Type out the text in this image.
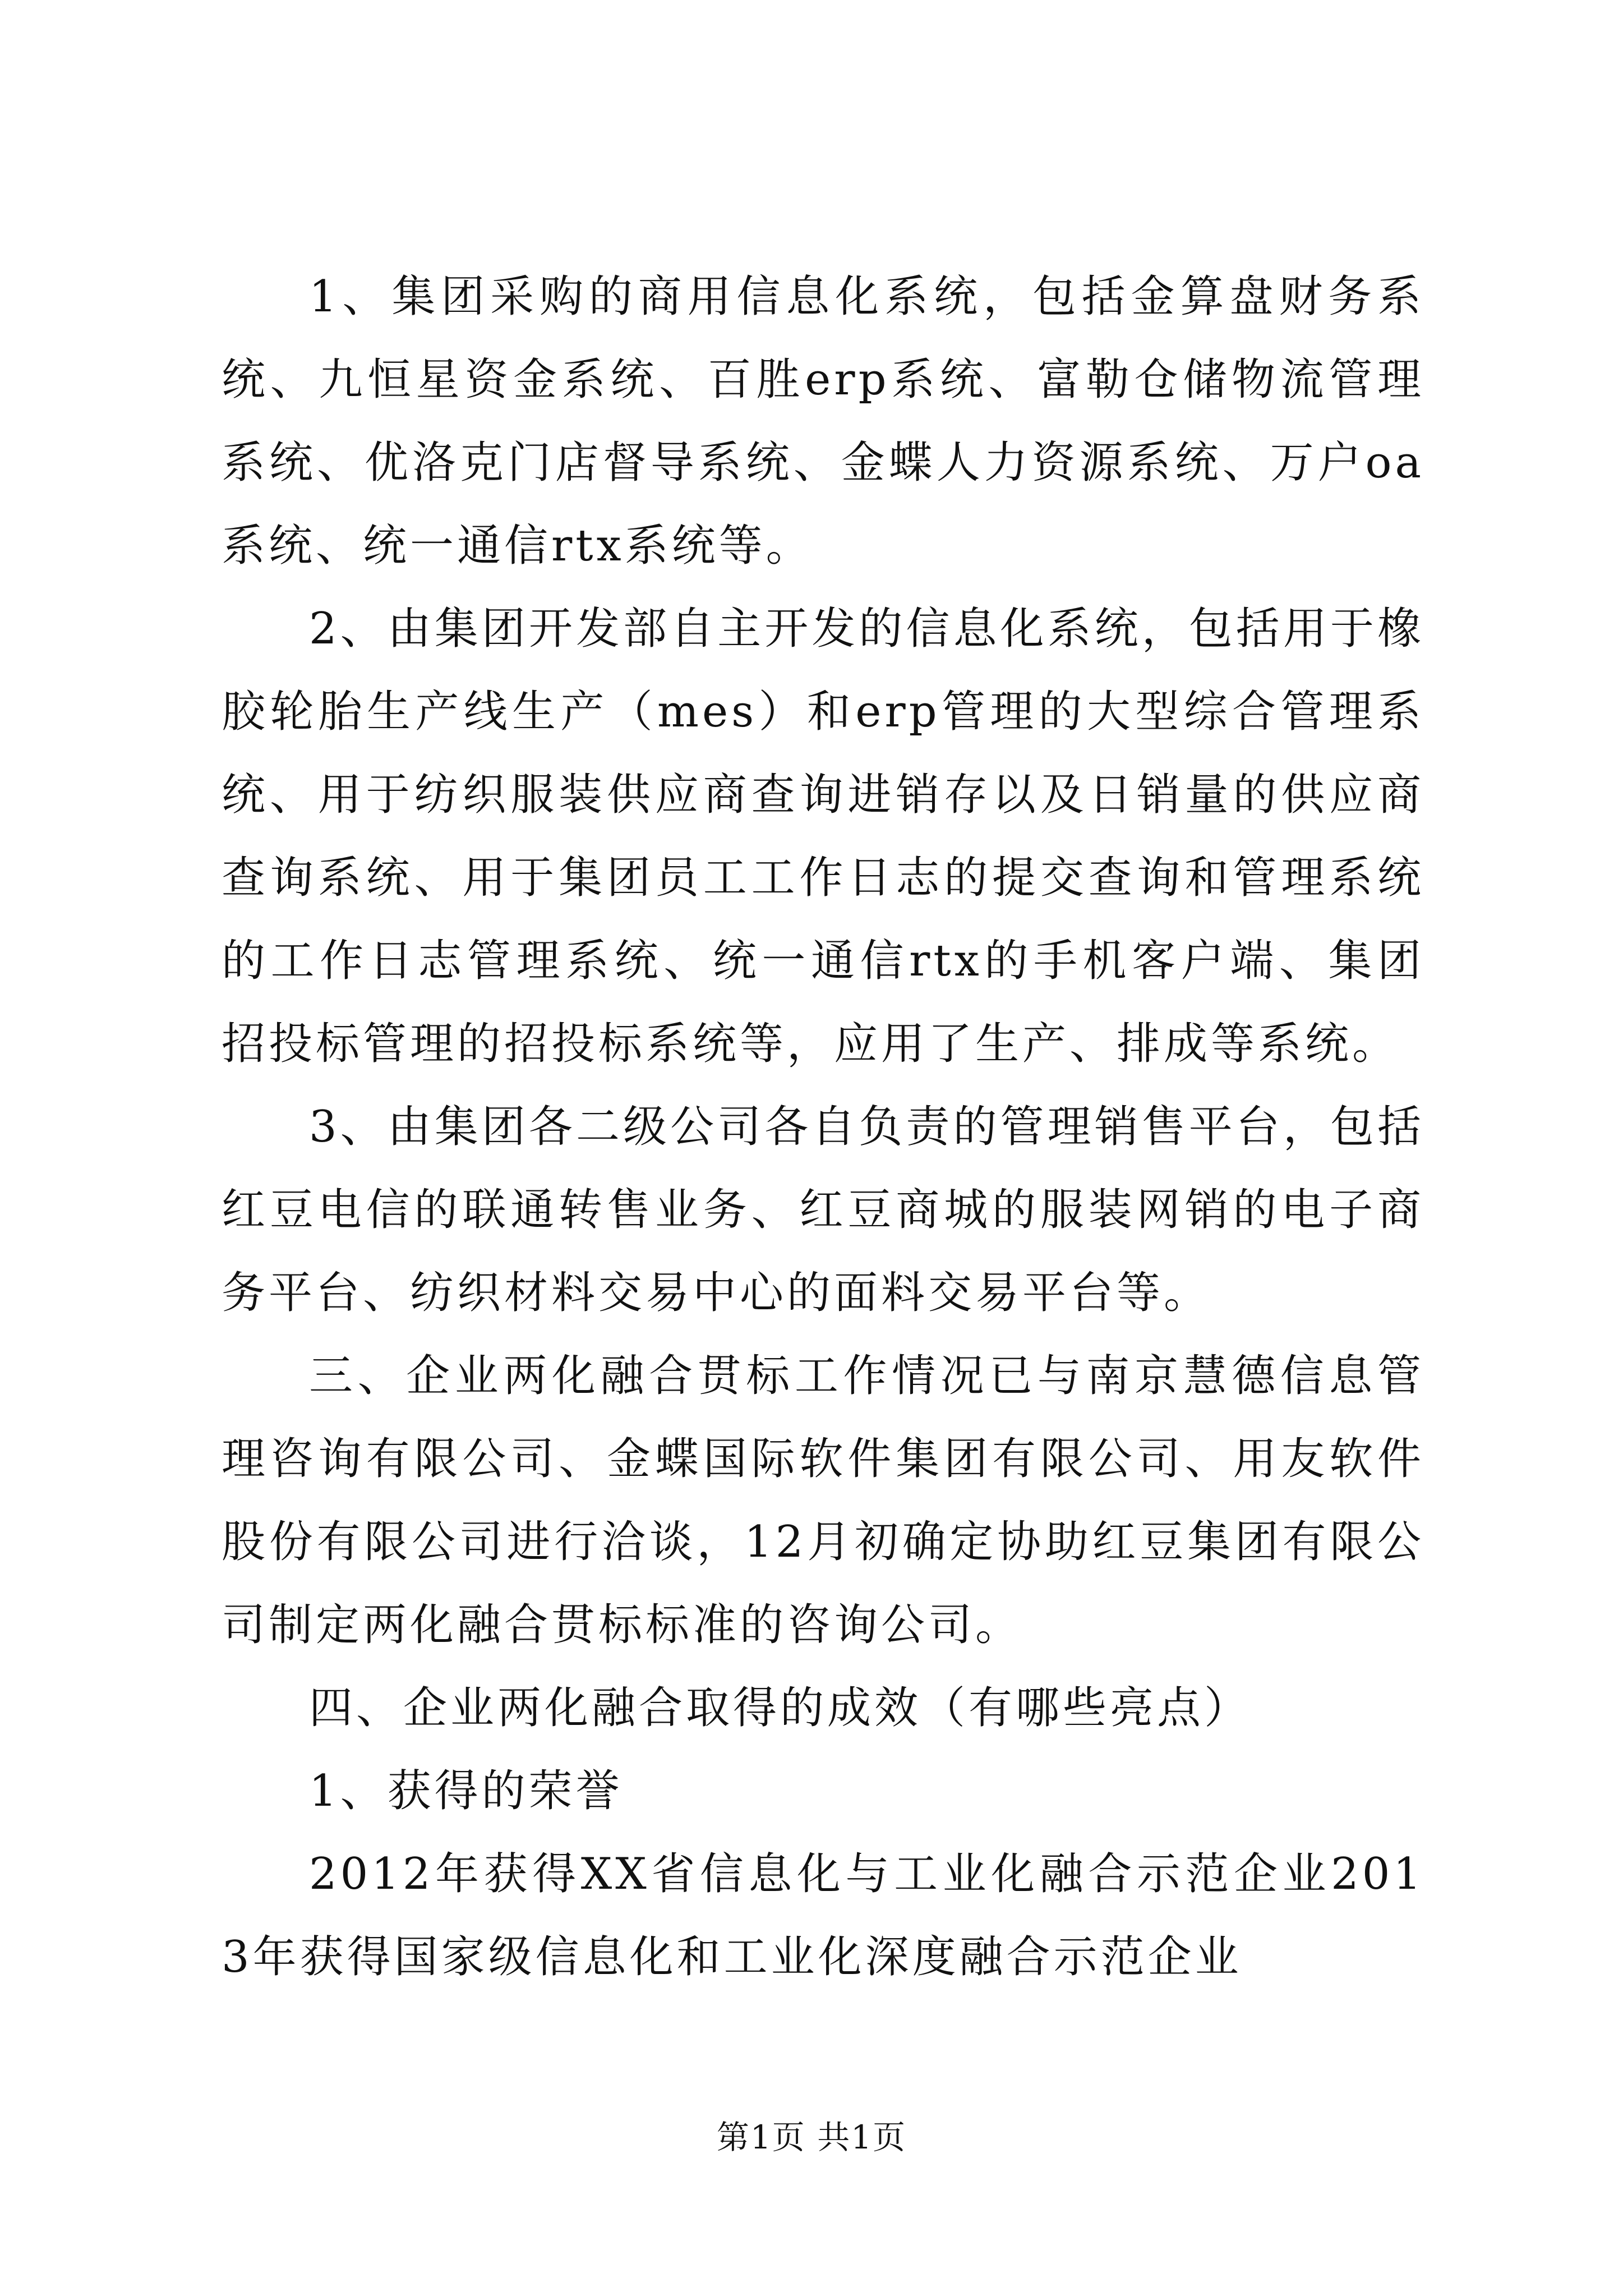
1、集团采购的商用信息化系统，包括金算盘财务系统、九恒星资金系统、百胜erp系统、富勒仓储物流管理系统、优洛克门店督导系统、金蝶人力资源系统、万户oa系统、统一通信rtx系统等。

2、由集团开发部自主开发的信息化系统，包括用于橡胶轮胎生产线生产（mes）和erp管理的大型综合管理系统、用于纺织服装供应商查询进销存以及日销量的供应商查询系统、用于集团员工工作日志的提交查询和管理系统的工作日志管理系统、统一通信rtx的手机客户端、集团招投标管理的招投标系统等，应用了生产、排成等系统。

3、由集团各二级公司各自负责的管理销售平台，包括红豆电信的联通转售业务、红豆商城的服装网销的电子商务平台、纺织材料交易中心的面料交易平台等。

三、企业两化融合贯标工作情况已与南京慧德信息管理咨询有限公司、金蝶国际软件集团有限公司、用友软件股份有限公司进行洽谈，12月初确定协助红豆集团有限公司制定两化融合贯标标准的咨询公司。

四、企业两化融合取得的成效（有哪些亮点）

1、获得的荣誉

2012年获得XX省信息化与工业化融合示范企业2013年获得国家级信息化和工业化深度融合示范企业

第1页 共1页
